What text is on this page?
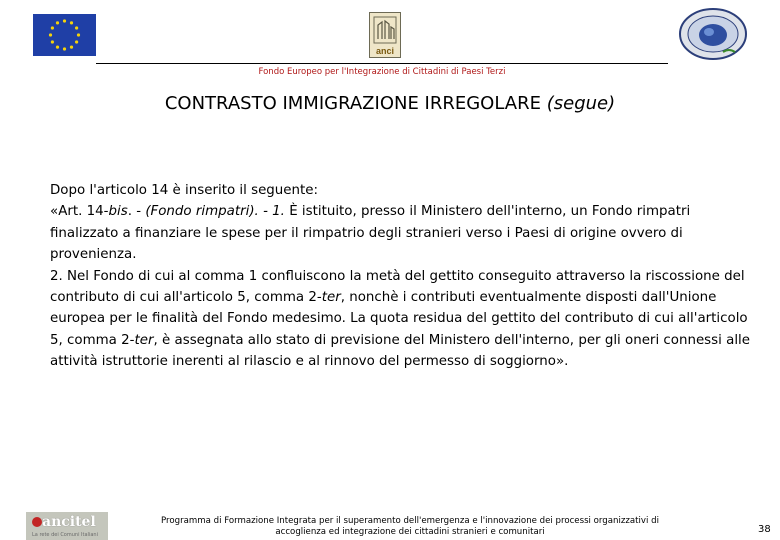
anci
Fondo Europeo per l'Integrazione di Cittadini di Paesi Terzi
CONTRASTO IMMIGRAZIONE IRREGOLARE (segue)

Dopo l'articolo 14 è inserito il seguente:

«Art. 14-bis. - (Fondo rimpatri). - 1. È istituito, presso il Ministero dell'interno, un Fondo rimpatri finalizzato a finanziare le spese per il rimpatrio degli stranieri verso i Paesi di origine ovvero di provenienza.

2. Nel Fondo di cui al comma 1 confluiscono la metà del gettito conseguito attraverso la riscossione del contributo di cui all'articolo 5, comma 2-ter, nonchè i contributi eventualmente disposti dall'Unione europea per le finalità del Fondo medesimo. La quota residua del gettito del contributo di cui all'articolo 5, comma 2-ter, è assegnata allo stato di previsione del Ministero dell'interno, per gli oneri connessi alle attività istruttorie inerenti al rilascio e al rinnovo del permesso di soggiorno».

ancitel
La rete dei Comuni Italiani
Programma di Formazione Integrata per il superamento dell'emergenza e l'innovazione dei processi organizzativi di
accoglienza ed integrazione dei cittadini stranieri e comunitari	38
